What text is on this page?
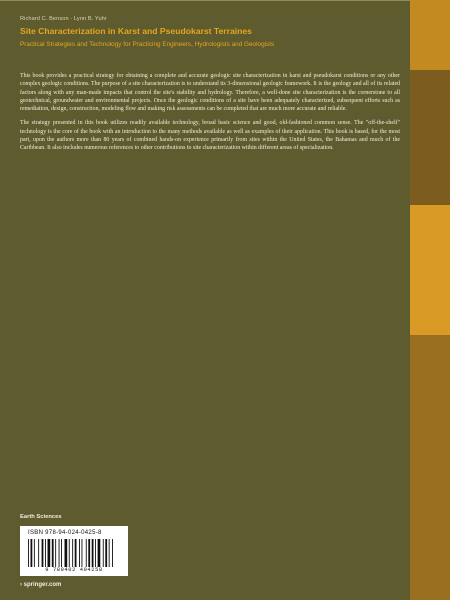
Richard C. Benson · Lynn B. Yuhr
Site Characterization in Karst and Pseudokarst Terraines
Practical Strategies and Technology for Practicing Engineers, Hydrologists and Geologists

This book provides a practical strategy for obtaining a complete and accurate geologic site characterization in karst and pseudokarst conditions or any other complex geologic conditions. The purpose of a site characterization is to understand its 3-dimensional geologic framework. It is the geology and all of its related factors along with any man-made impacts that control the site's stability and hydrology. Therefore, a well-done site characterization is the cornerstone to all geotechnical, groundwater and environmental projects. Once the geologic conditions of a site have been adequately characterized, subsequent efforts such as remediation, design, construction, modeling flow and making risk assessments can be completed that are much more accurate and reliable.

The strategy presented in this book utilizes readily available technology, broad basic science and good, old-fashioned common sense. The "off-the-shelf" technology is the core of the book with an introduction to the many methods available as well as examples of their application. This book is based, for the most part, upon the authors more than 80 years of combined hands-on experience primarily from sites within the United States, the Bahamas and much of the Caribbean. It also includes numerous references to other contributions to site characterization within different areas of specialization.

Earth Sciences
ISBN 978-94-024-0425-8
9 789402 404258
› springer.com
